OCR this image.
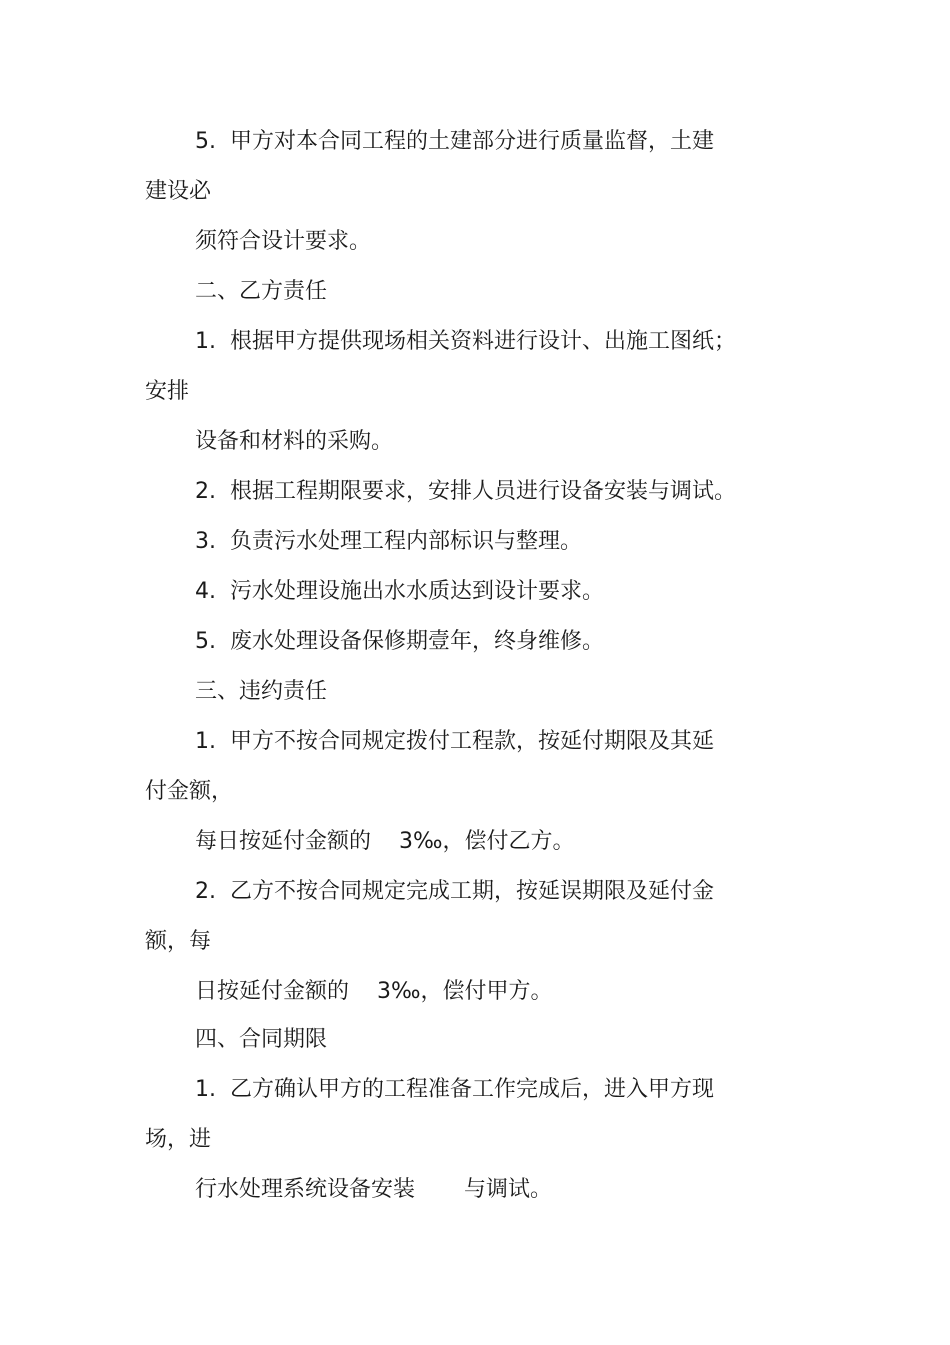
5.  甲方对本合同工程的土建部分进行质量监督，土建
建设必
须符合设计要求。
二、乙方责任
1.  根据甲方提供现场相关资料进行设计、出施工图纸；
安排
设备和材料的采购。
2.  根据工程期限要求，安排人员进行设备安装与调试。
3.  负责污水处理工程内部标识与整理。
4.  污水处理设施出水水质达到设计要求。
5.  废水处理设备保修期壹年，终身维修。
三、违约责任
1.  甲方不按合同规定拨付工程款，按延付期限及其延
付金额，
每日按延付金额的    3‰，偿付乙方。
2.  乙方不按合同规定完成工期，按延误期限及延付金
额，每
日按延付金额的    3‰，偿付甲方。
四、合同期限
1.  乙方确认甲方的工程准备工作完成后，进入甲方现
场，进
行水处理系统设备安装       与调试。
